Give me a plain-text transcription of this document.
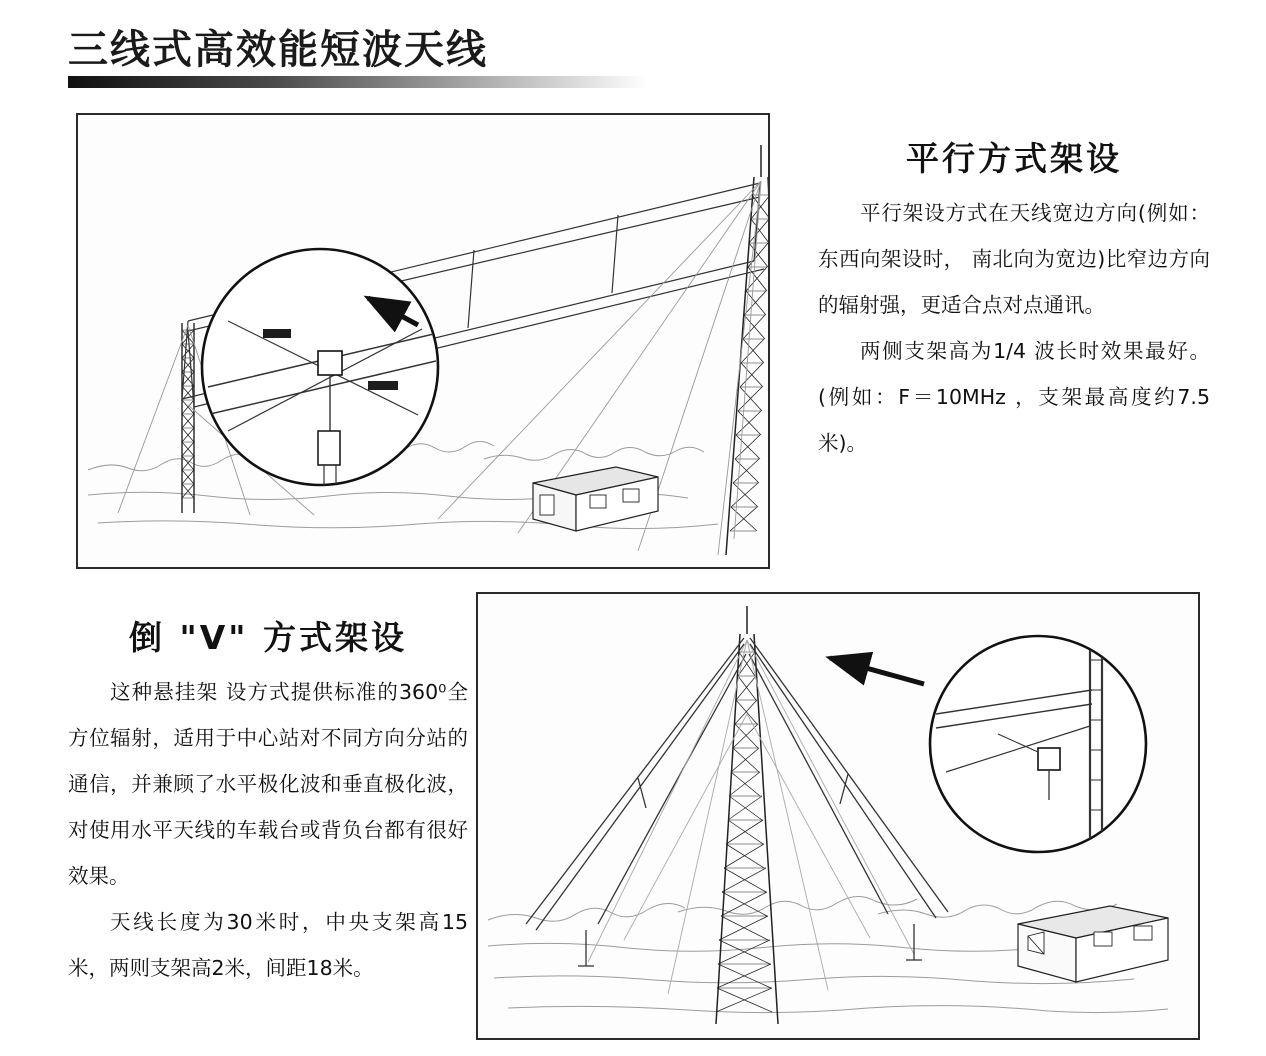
三线式高效能短波天线
平行方式架设

平行架设方式在天线宽边方向(例如：东西向架设时， 南北向为宽边)比窄边方向的辐射强，更适合点对点通讯。

两侧支架高为1/4 波长时效果最好。(例如：F＝10MHz ，支架最高度约7.5米)。

倒 "V" 方式架设

这种悬挂架 设方式提供标准的360⁰全方位辐射，适用于中心站对不同方向分站的通信，并兼顾了水平极化波和垂直极化波，对使用水平天线的车载台或背负台都有很好效果。

天线长度为30米时，中央支架高15米，两则支架高2米，间距18米。
